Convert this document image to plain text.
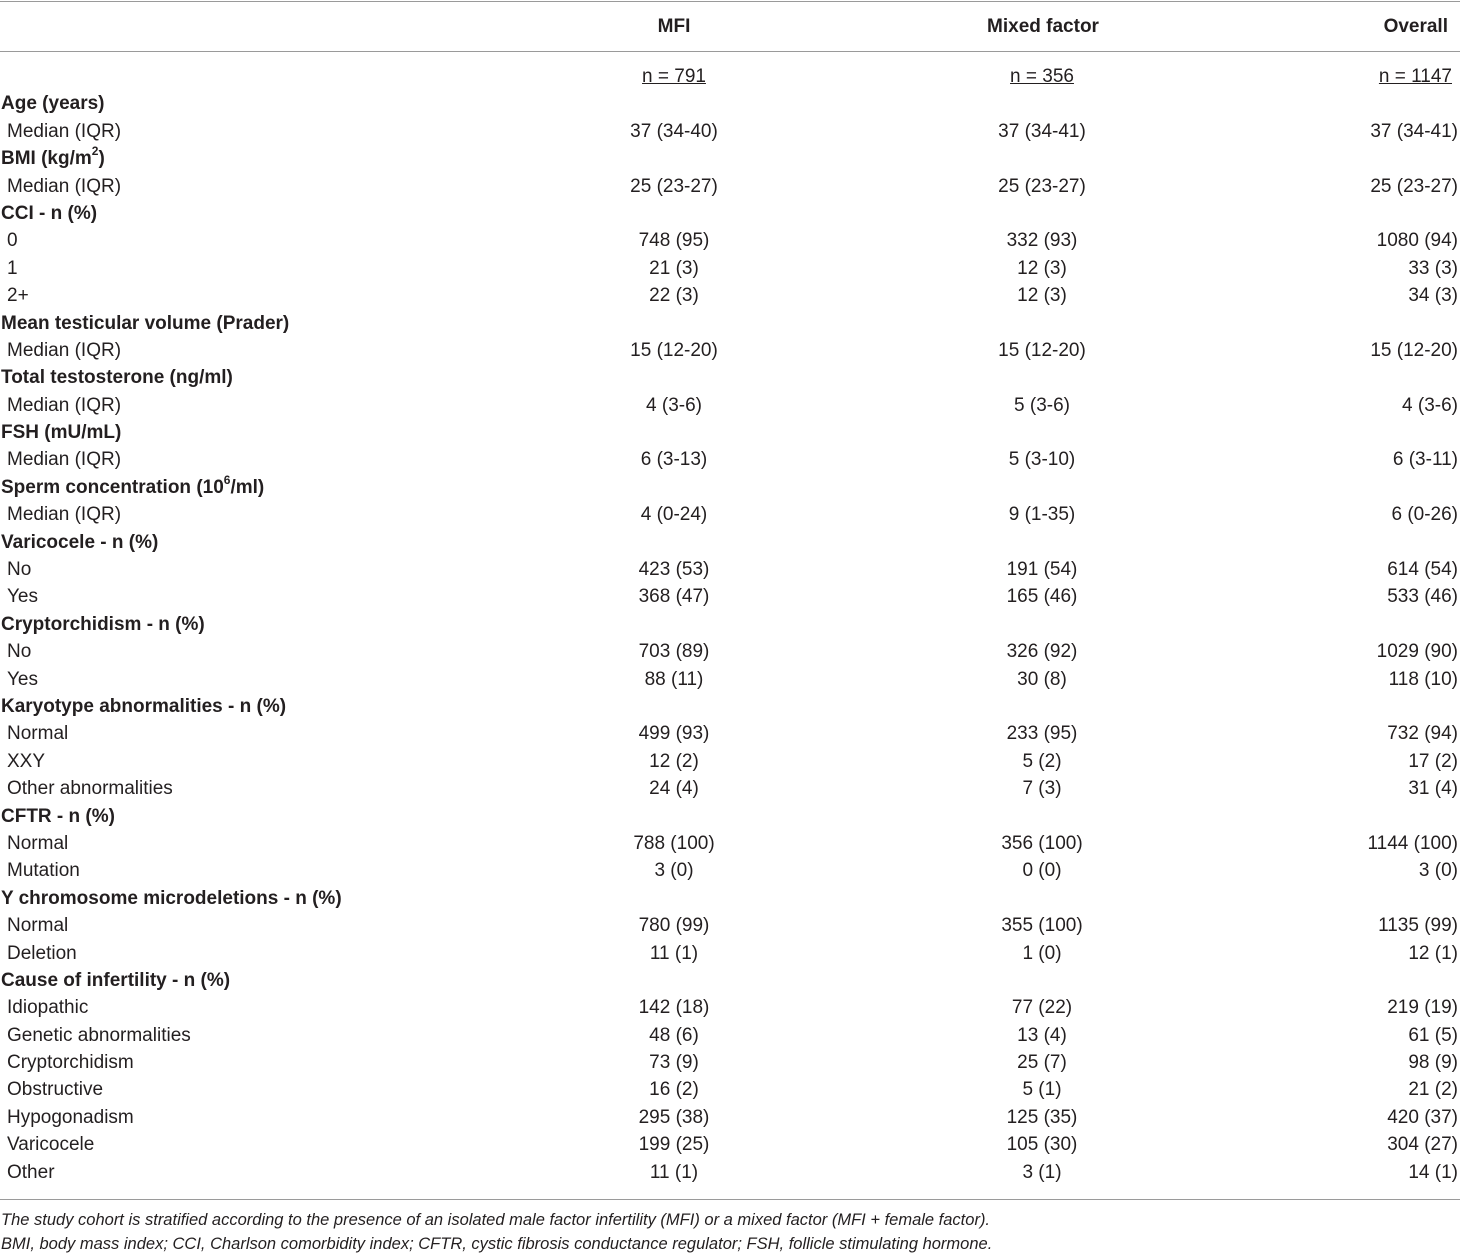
MFI	Mixed factor	Overall
n = 791	n = 356	n = 1147
Age (years)
Median (IQR)	37 (34-40)	37 (34-41)	37 (34-41)
BMI $(kg/m^2)$
Median (IQR)	25 (23-27)	25 (23-27)	25 (23-27)
CCI - n (%)
0	748 (95)	332 (93)	1080 (94)
1	21 (3)	12 (3)	33 (3)
2+	22 (3)	12 (3)	34 (3)
Mean testicular volume (Prader)
Median (IQR)	15 (12-20)	15 (12-20)	15 (12-20)
Total testosterone (ng/ml)
Median (IQR)	4 (3-6)	5 (3-6)	4 (3-6)
FSH (mU/mL)
Median (IQR)	6 (3-13)	5 (3-10)	6 (3-11)
Sperm concentration $(10^6/ml)$
Median (IQR)	4 (0-24)	9 (1-35)	6 (0-26)
Varicocele - n (%)
No	423 (53)	191 (54)	614 (54)
Yes	368 (47)	165 (46)	533 (46)
Cryptorchidism - n (%)
No	703 (89)	326 (92)	1029 (90)
Yes	88 (11)	30 (8)	118 (10)
Karyotype abnormalities - n (%)
Normal	499 (93)	233 (95)	732 (94)
XXY	12 (2)	5 (2)	17 (2)
Other abnormalities	24 (4)	7 (3)	31 (4)
CFTR - n (%)
Normal	788 (100)	356 (100)	1144 (100)
Mutation	3 (0)	0 (0)	3 (0)
Y chromosome microdeletions - n (%)
Normal	780 (99)	355 (100)	1135 (99)
Deletion	11 (1)	1 (0)	12 (1)
Cause of infertility - n (%)
Idiopathic	142 (18)	77 (22)	219 (19)
Genetic abnormalities	48 (6)	13 (4)	61 (5)
Cryptorchidism	73 (9)	25 (7)	98 (9)
Obstructive	16 (2)	5 (1)	21 (2)
Hypogonadism	295 (38)	125 (35)	420 (37)
Varicocele	199 (25)	105 (30)	304 (27)
Other	11 (1)	3 (1)	14 (1)
The study cohort is stratified according to the presence of an isolated male factor infertility (MFI) or a mixed factor (MFI + female factor).
BMI, body mass index; CCI, Charlson comorbidity index; CFTR, cystic fibrosis conductance regulator; FSH, follicle stimulating hormone.
